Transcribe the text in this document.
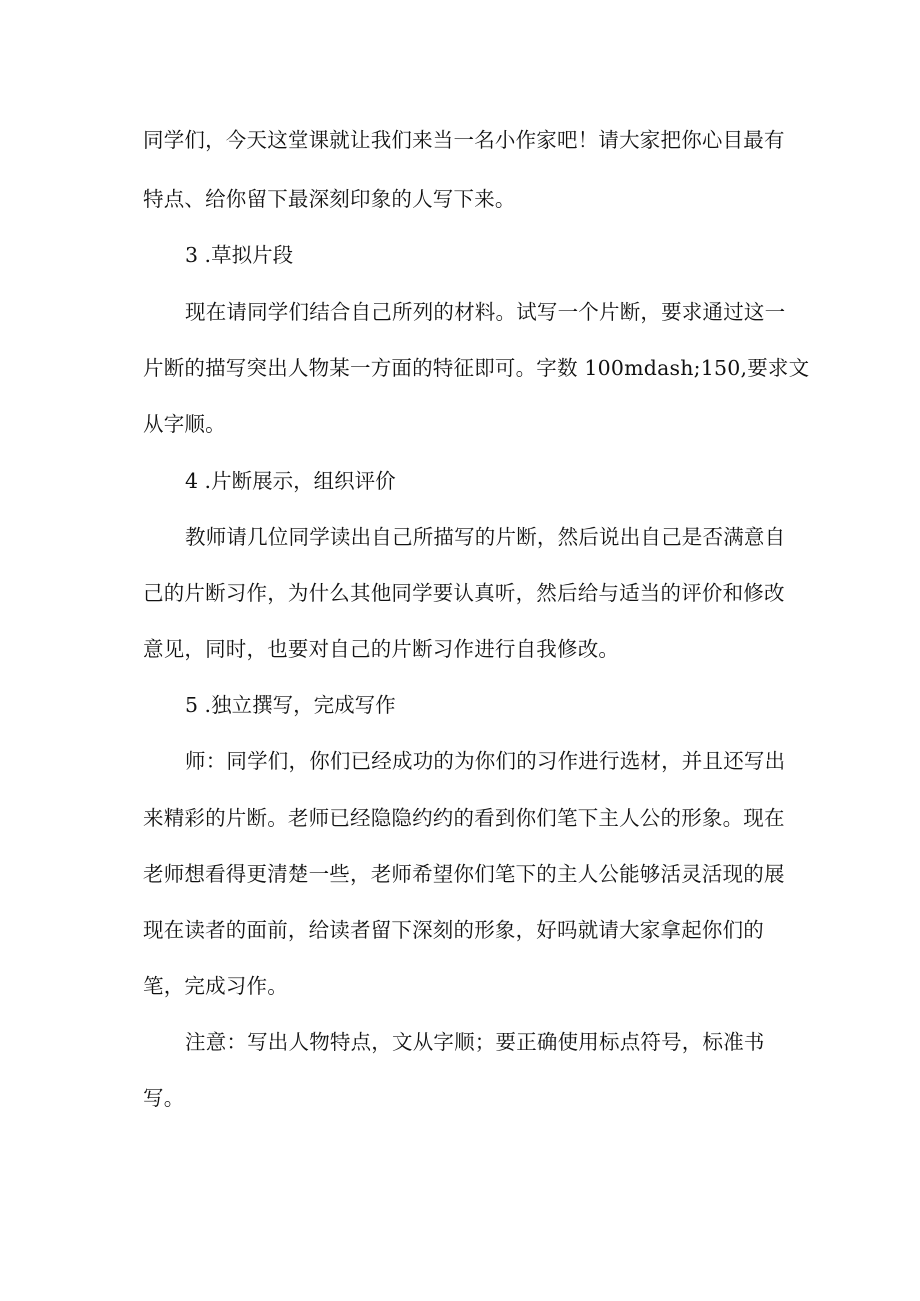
同学们，今天这堂课就让我们来当一名小作家吧！请大家把你心目最有
特点、给你留下最深刻印象的人写下来。
3 .草拟片段
现在请同学们结合自己所列的材料。试写一个片断，要求通过这一
片断的描写突出人物某一方面的特征即可。字数 100mdash;150,要求文
从字顺。
4 .片断展示，组织评价
教师请几位同学读出自己所描写的片断，然后说出自己是否满意自
己的片断习作，为什么其他同学要认真听，然后给与适当的评价和修改
意见，同时，也要对自己的片断习作进行自我修改。
5 .独立撰写，完成写作
师：同学们，你们已经成功的为你们的习作进行选材，并且还写出
来精彩的片断。老师已经隐隐约约的看到你们笔下主人公的形象。现在
老师想看得更清楚一些，老师希望你们笔下的主人公能够活灵活现的展
现在读者的面前，给读者留下深刻的形象，好吗就请大家拿起你们的
笔，完成习作。
注意：写出人物特点，文从字顺；要正确使用标点符号，标准书
写。
